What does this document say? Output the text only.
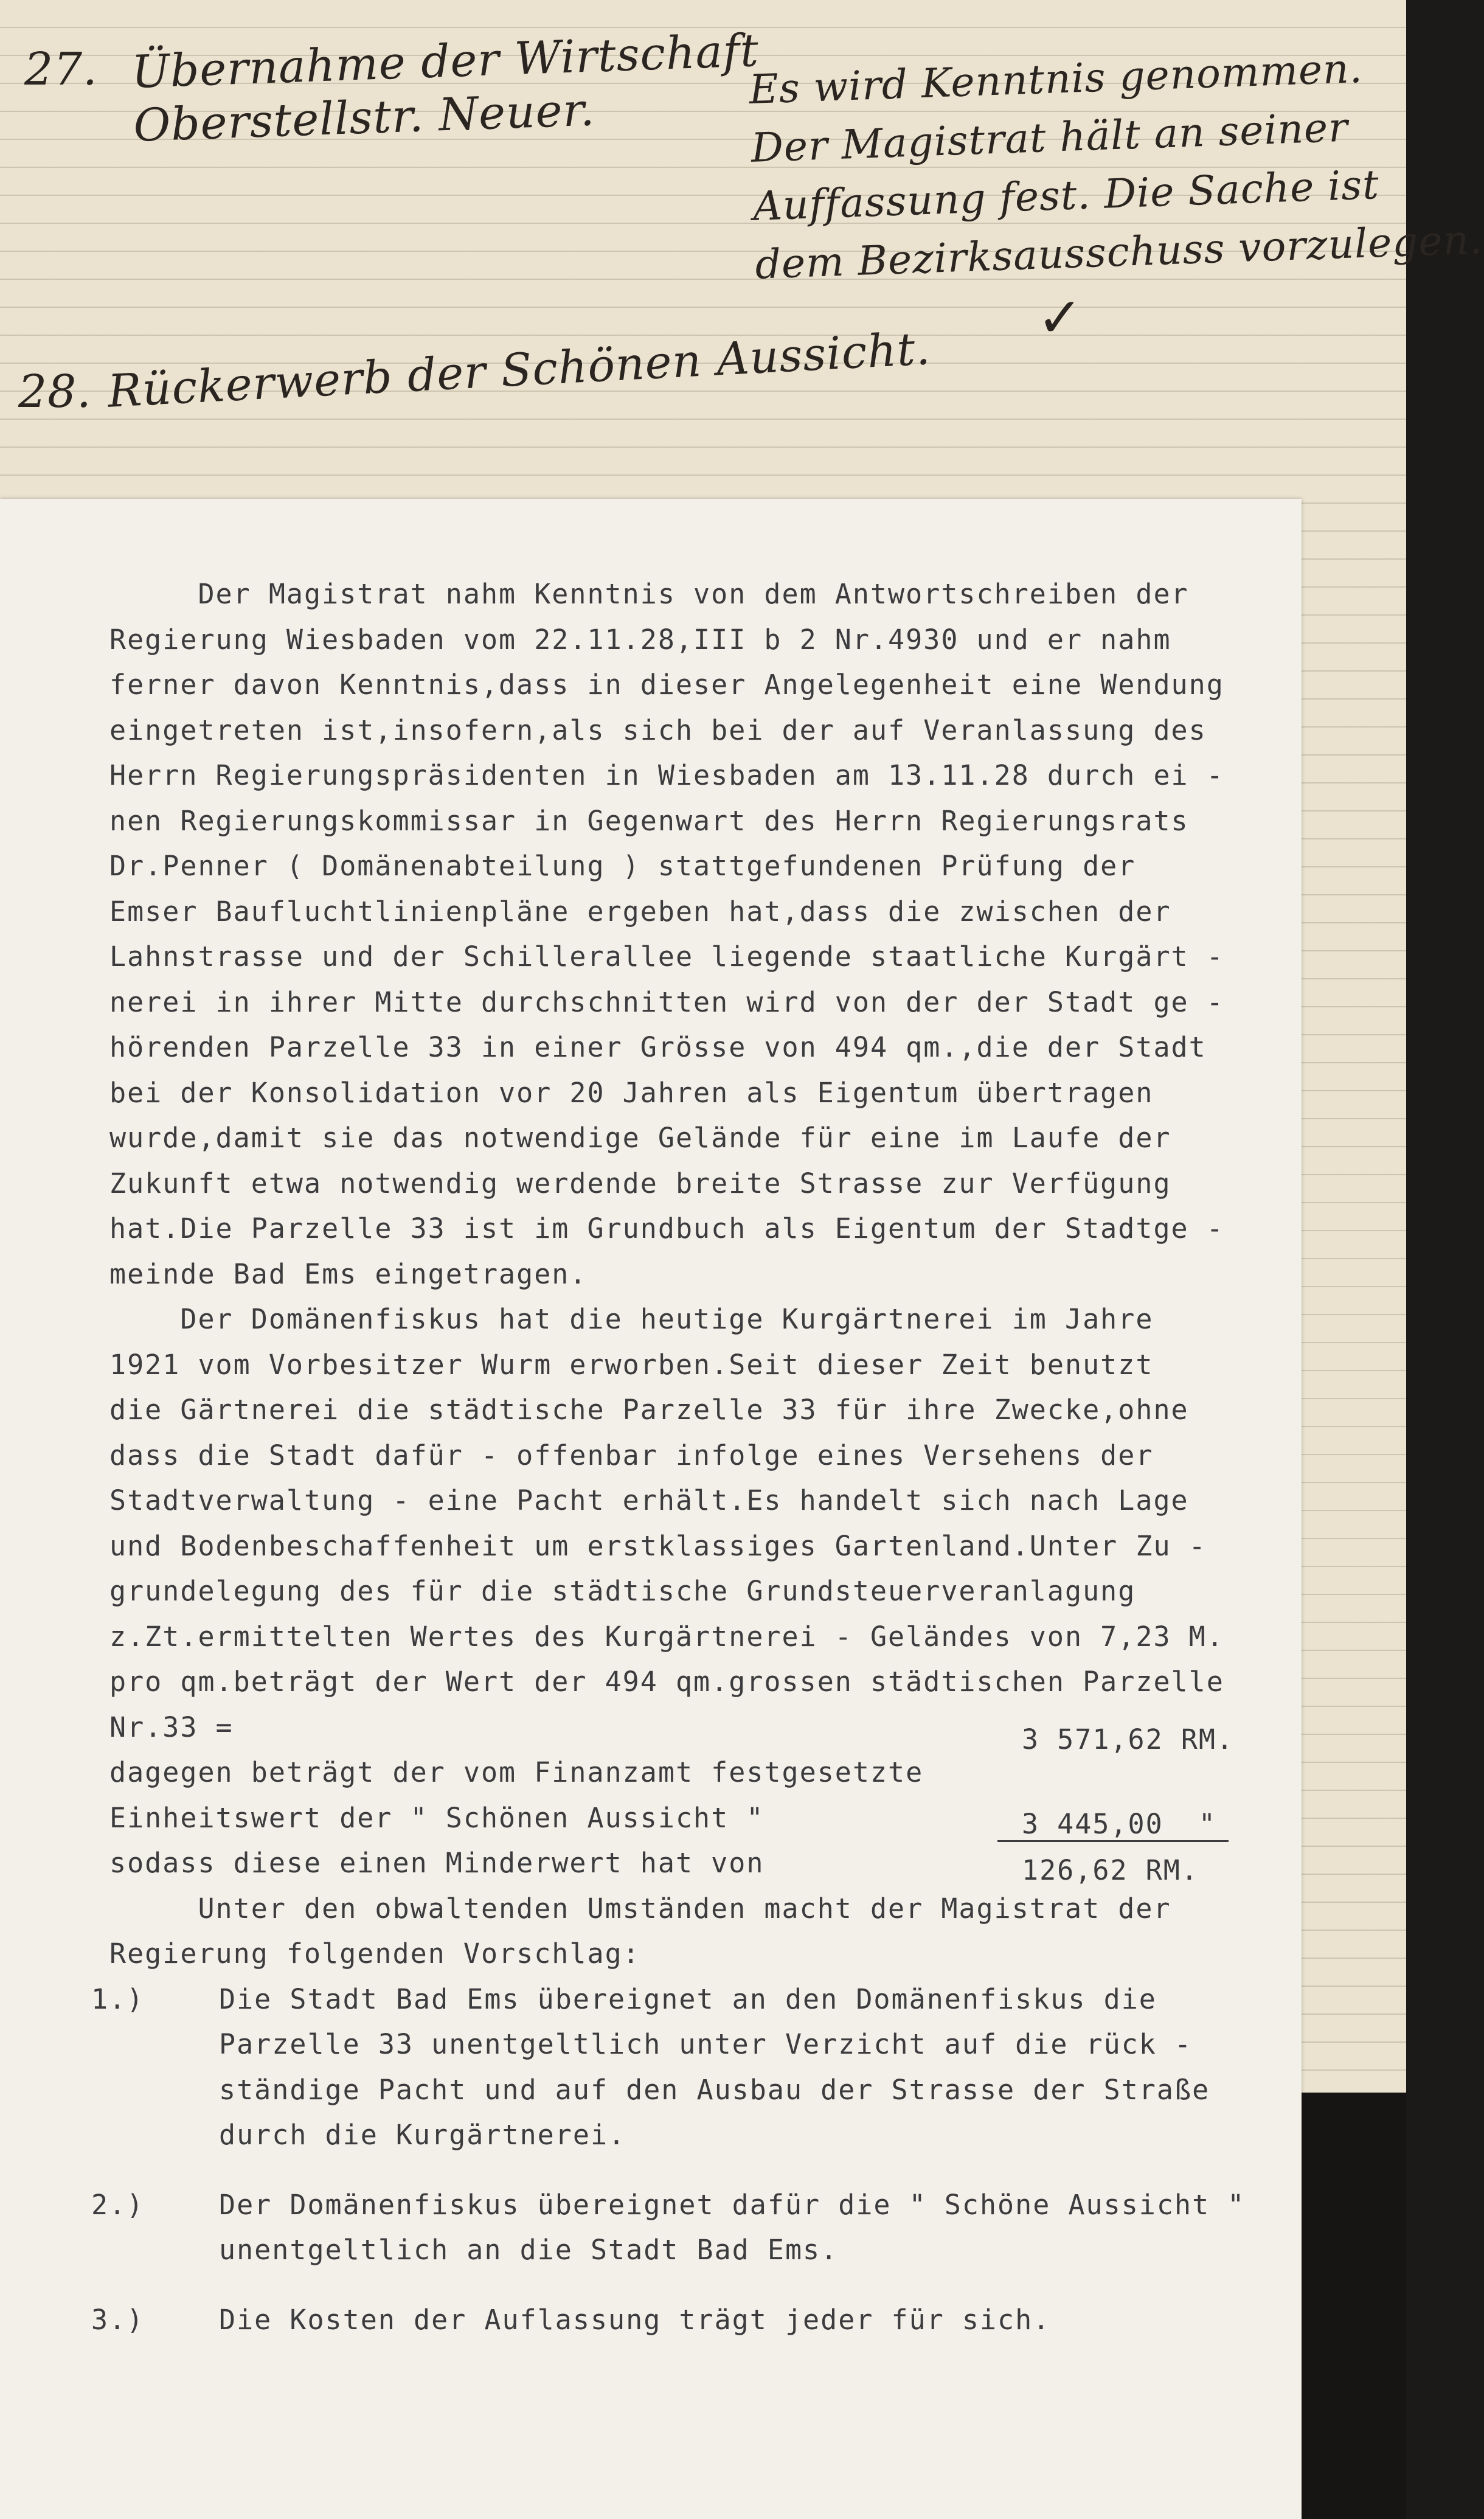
27. Übernahme der Wirtschaft
Oberstellstr. Neuer.
Es wird Kenntnis genommen.
Der Magistrat hält an seiner
Auffassung fest. Die Sache ist
dem Bezirksausschuss vorzulegen.
✓
28. Rückerwerb der Schönen Aussicht.
Der Magistrat nahm Kenntnis von dem Antwortschreiben der
Regierung Wiesbaden vom 22.11.28,III b 2 Nr.4930 und er nahm
ferner davon Kenntnis,dass in dieser Angelegenheit eine Wendung
eingetreten ist,insofern,als sich bei der auf Veranlassung des
Herrn Regierungspräsidenten in Wiesbaden am 13.11.28 durch ei -
nen Regierungskommissar in Gegenwart des Herrn Regierungsrats
Dr.Penner ( Domänenabteilung ) stattgefundenen Prüfung der
Emser Baufluchtlinienpläne ergeben hat,dass die zwischen der
Lahnstrasse und der Schillerallee liegende staatliche Kurgärt -
nerei in ihrer Mitte durchschnitten wird von der der Stadt ge -
hörenden Parzelle 33 in einer Grösse von 494 qm.,die der Stadt
bei der Konsolidation vor 20 Jahren als Eigentum übertragen
wurde,damit sie das notwendige Gelände für eine im Laufe der
Zukunft etwa notwendig werdende breite Strasse zur Verfügung
hat.Die Parzelle 33 ist im Grundbuch als Eigentum der Stadtge -
meinde Bad Ems eingetragen.
Der Domänenfiskus hat die heutige Kurgärtnerei im Jahre
1921 vom Vorbesitzer Wurm erworben.Seit dieser Zeit benutzt
die Gärtnerei die städtische Parzelle 33 für ihre Zwecke,ohne
dass die Stadt dafür - offenbar infolge eines Versehens der
Stadtverwaltung - eine Pacht erhält.Es handelt sich nach Lage
und Bodenbeschaffenheit um erstklassiges Gartenland.Unter Zu -
grundelegung des für die städtische Grundsteuerveranlagung
z.Zt.ermittelten Wertes des Kurgärtnerei - Geländes von 7,23 M.
pro qm.beträgt der Wert der 494 qm.grossen städtischen Parzelle
Nr.33 =	3 571,62 RM.
dagegen beträgt der vom Finanzamt festgesetzte
Einheitswert der " Schönen Aussicht "	3 445,00  "
sodass diese einen Minderwert hat von	126,62 RM.
Unter den obwaltenden Umständen macht der Magistrat der
Regierung folgenden Vorschlag:
1.)	Die Stadt Bad Ems übereignet an den Domänenfiskus die
Parzelle 33 unentgeltlich unter Verzicht auf die rück -
ständige Pacht und auf den Ausbau der Strasse der Straße
durch die Kurgärtnerei.
2.)	Der Domänenfiskus übereignet dafür die " Schöne Aussicht "
unentgeltlich an die Stadt Bad Ems.
3.)	Die Kosten der Auflassung trägt jeder für sich.
